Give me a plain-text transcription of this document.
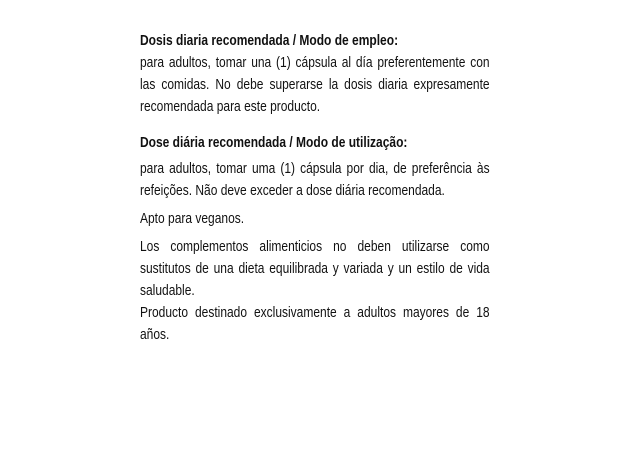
Dosis diaria recomendada / Modo de empleo:
para adultos, tomar una (1) cápsula al día preferentemente con las comidas. No debe superarse la dosis diaria expresamente recomendada para este producto.
Dose diária recomendada / Modo de utilização:
para adultos, tomar uma (1) cápsula por dia, de preferência às refeições. Não deve exceder a dose diária recomendada.
Apto para veganos.
Los complementos alimenticios no deben utilizarse como sustitutos de una dieta equilibrada y variada y un estilo de vida saludable.
Producto destinado exclusivamente a adultos mayores de 18 años.
